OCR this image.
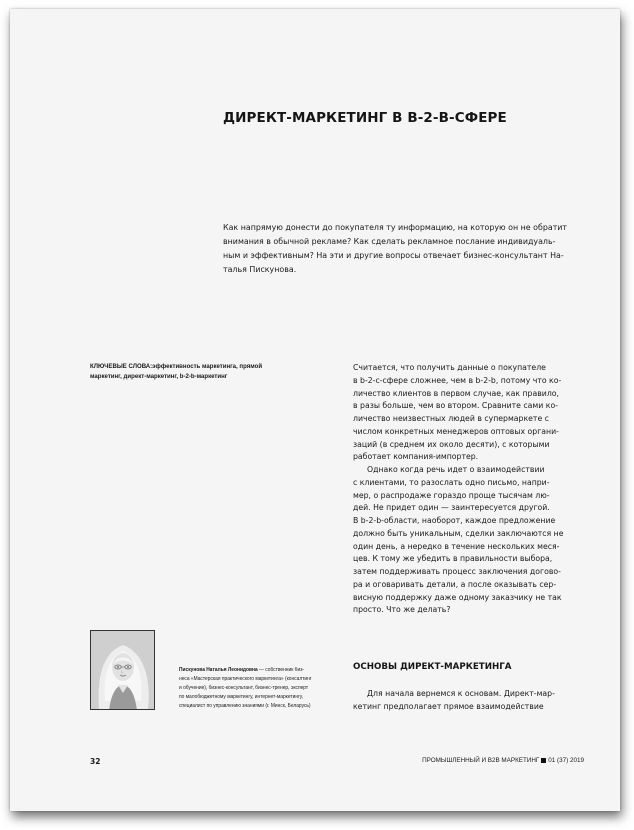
ДИРЕКТ-МАРКЕТИНГ В B-2-B-СФЕРЕ
Как напрямую донести до покупателя ту информацию, на которую он не обратит
внимания в обычной рекламе? Как сделать рекламное послание индивидуаль-
ным и эффективным? На эти и другие вопросы отвечает бизнес-консультант На-
талья Пискунова.
КЛЮЧЕВЫЕ СЛОВА:эффективность маркетинга, прямой
маркетинг, директ-маркетинг, b-2-b-маркетинг
Считается, что получить данные о покупателе
в b-2-c-сфере сложнее, чем в b-2-b, потому что ко-
личество клиентов в первом случае, как правило,
в разы больше, чем во втором. Сравните сами ко-
личество неизвестных людей в супермаркете с
числом конкретных менеджеров оптовых органи-
заций (в среднем их около десяти), с которыми
работает компания-импортер.
Однако когда речь идет о взаимодействии
с клиентами, то разослать одно письмо, напри-
мер, о распродаже гораздо проще тысячам лю-
дей. Не придет один — заинтересуется другой.
В b-2-b-области, наоборот, каждое предложение
должно быть уникальным, сделки заключаются не
один день, а нередко в течение нескольких меся-
цев. К тому же убедить в правильности выбора,
затем поддерживать процесс заключения догово-
ра и оговаривать детали, а после оказывать сер-
висную поддержку даже одному заказчику не так
просто. Что же делать?
Пискунова Наталья Леонидовна — собственник биз-
неса «Мастерская практического маркетинга» (консалтинг
и обучение), бизнес-консультант, бизнес-тренер, эксперт
по малобюджетному маркетингу, интернет-маркетингу,
специалист по управлению знаниями (г. Минск, Беларусь)
ОСНОВЫ ДИРЕКТ-МАРКЕТИНГА
Для начала вернемся к основам. Директ-мар-
кетинг предполагает прямое взаимодействие
32	ПРОМЫШЛЕННЫЙ И B2B МАРКЕТИНГ 01 (37) 2019
